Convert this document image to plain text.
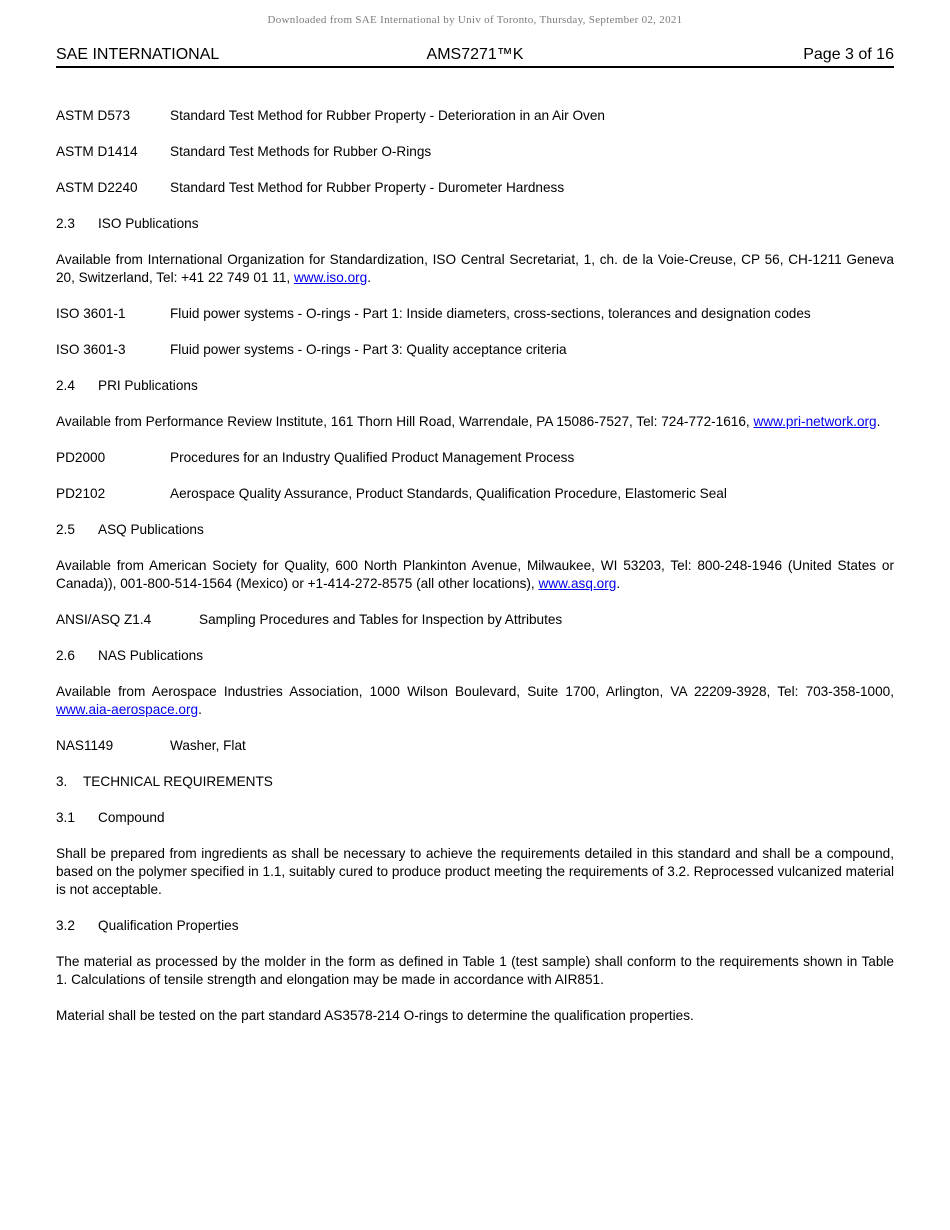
Downloaded from SAE International by Univ of Toronto, Thursday, September 02, 2021
SAE INTERNATIONAL	AMS7271™K	Page 3 of 16
ASTM D573	Standard Test Method for Rubber Property - Deterioration in an Air Oven
ASTM D1414	Standard Test Methods for Rubber O-Rings
ASTM D2240	Standard Test Method for Rubber Property - Durometer Hardness
2.3	ISO Publications

Available from International Organization for Standardization, ISO Central Secretariat, 1, ch. de la Voie-Creuse, CP 56, CH-1211 Geneva 20, Switzerland, Tel: +41 22 749 01 11, www.iso.org.

ISO 3601-1	Fluid power systems - O-rings - Part 1: Inside diameters, cross-sections, tolerances and designation codes
ISO 3601-3	Fluid power systems - O-rings - Part 3: Quality acceptance criteria
2.4	PRI Publications

Available from Performance Review Institute, 161 Thorn Hill Road, Warrendale, PA 15086-7527, Tel: 724-772-1616, www.pri-network.org.

PD2000	Procedures for an Industry Qualified Product Management Process
PD2102	Aerospace Quality Assurance, Product Standards, Qualification Procedure, Elastomeric Seal
2.5	ASQ Publications

Available from American Society for Quality, 600 North Plankinton Avenue, Milwaukee, WI 53203, Tel: 800-248-1946 (United States or Canada)), 001-800-514-1564 (Mexico) or +1-414-272-8575 (all other locations), www.asq.org.

ANSI/ASQ Z1.4	Sampling Procedures and Tables for Inspection by Attributes
2.6	NAS Publications

Available from Aerospace Industries Association, 1000 Wilson Boulevard, Suite 1700, Arlington, VA 22209-3928, Tel: 703-358-1000, www.aia-aerospace.org.

NAS1149	Washer, Flat
3.	TECHNICAL REQUIREMENTS
3.1	Compound

Shall be prepared from ingredients as shall be necessary to achieve the requirements detailed in this standard and shall be a compound, based on the polymer specified in 1.1, suitably cured to produce product meeting the requirements of 3.2. Reprocessed vulcanized material is not acceptable.

3.2	Qualification Properties

The material as processed by the molder in the form as defined in Table 1 (test sample) shall conform to the requirements shown in Table 1. Calculations of tensile strength and elongation may be made in accordance with AIR851.

Material shall be tested on the part standard AS3578-214 O-rings to determine the qualification properties.
